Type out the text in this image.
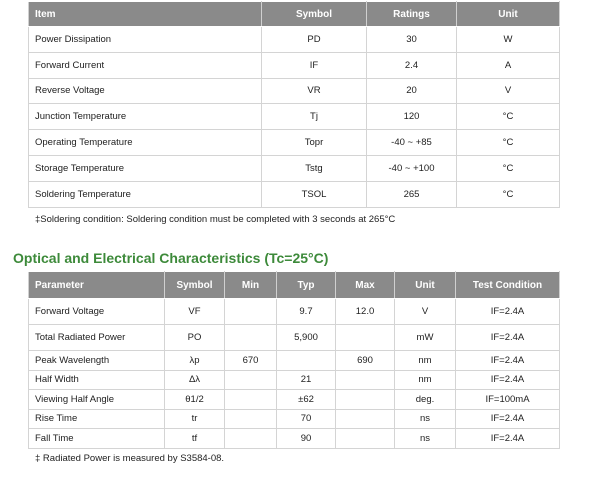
Item	Symbol	Ratings	Unit
Power Dissipation	PD	30	W
Forward Current	IF	2.4	A
Reverse Voltage	VR	20	V
Junction Temperature	Tj	120	°C
Operating Temperature	Topr	-40 ~ +85	°C
Storage Temperature	Tstg	-40 ~ +100	°C
Soldering Temperature	TSOL	265	°C
‡Soldering condition: Soldering condition must be completed with 3 seconds at 265°C
Optical and Electrical Characteristics (Tc=25°C)
Parameter	Symbol	Min	Typ	Max	Unit	Test Condition
Forward Voltage	VF		9.7	12.0	V	IF=2.4A
Total Radiated Power	PO		5,900		mW	IF=2.4A
Peak Wavelength	λp	670		690	nm	IF=2.4A
Half Width	Δλ		21		nm	IF=2.4A
Viewing Half Angle	θ1/2		±62		deg.	IF=100mA
Rise Time	tr		70		ns	IF=2.4A
Fall Time	tf		90		ns	IF=2.4A
‡ Radiated Power is measured by S3584-08.
